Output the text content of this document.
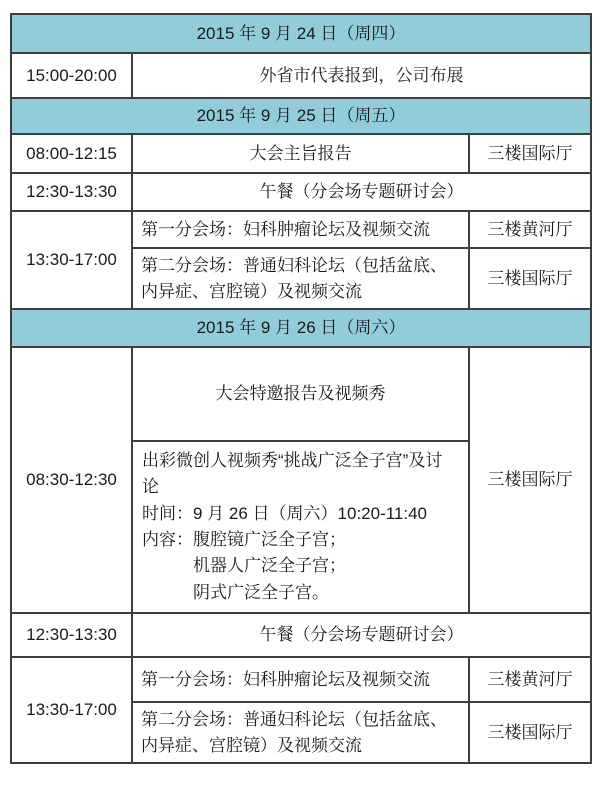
2015 年 9 月 24 日（周四）		
15:00-20:00	外省市代表报到，公司布展	
2015 年 9 月 25 日（周五）		
08:00-12:15	大会主旨报告	三楼国际厅
12:30-13:30	午餐（分会场专题研讨会）	
13:30-17:00	第一分会场：妇科肿瘤论坛及视频交流	三楼黄河厅
	第二分会场：普通妇科论坛（包括盆底、内异症、宫腔镜）及视频交流	三楼国际厅
2015 年 9 月 26 日（周六）		
08:30-12:30	大会特邀报告及视频秀	三楼国际厅

	出彩微创人视频秀“挑战广泛全子宫”及讨论
时间：9 月 26 日（周六）10:20-11:40
内容：腹腔镜广泛全子宫；
机器人广泛全子宫；
阴式广泛全子宫。	

12:30-13:30	午餐（分会场专题研讨会）	
13:30-17:00	第一分会场：妇科肿瘤论坛及视频交流	三楼黄河厅
	第二分会场：普通妇科论坛（包括盆底、内异症、宫腔镜）及视频交流	三楼国际厅
